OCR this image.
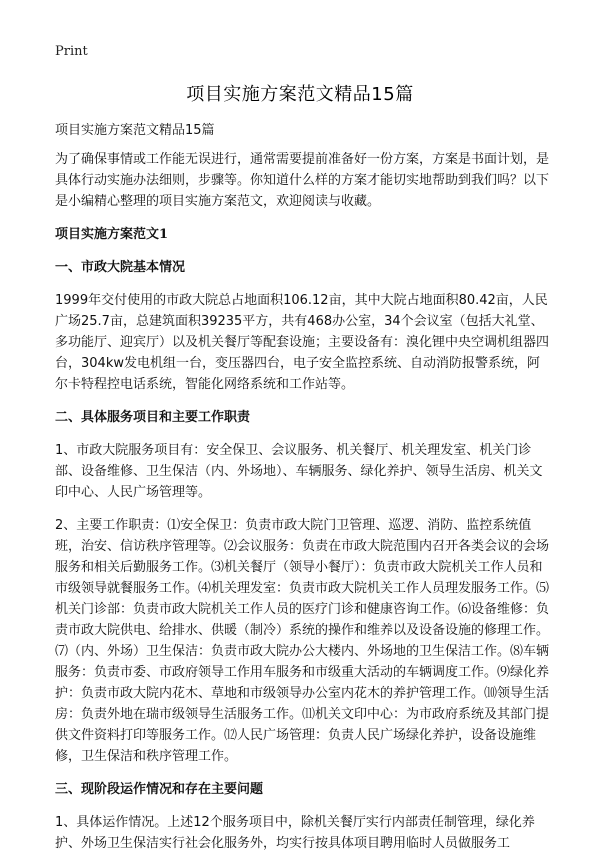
Print
项目实施方案范文精品15篇

项目实施方案范文精品15篇

为了确保事情或工作能无误进行，通常需要提前准备好一份方案，方案是书面计划，是具体行动实施办法细则，步骤等。你知道什么样的方案才能切实地帮助到我们吗？以下是小编精心整理的项目实施方案范文，欢迎阅读与收藏。

项目实施方案范文1

一、市政大院基本情况

1999年交付使用的市政大院总占地面积106.12亩，其中大院占地面积80.42亩，人民广场25.7亩，总建筑面积39235平方，共有468办公室，34个会议室（包括大礼堂、多功能厅、迎宾厅）以及机关餐厅等配套设施；主要设备有：溴化锂中央空调机组器四台，304kw发电机组一台，变压器四台，电子安全监控系统、自动消防报警系统，阿尔卡特程控电话系统，智能化网络系统和工作站等。

二、具体服务项目和主要工作职责

1、市政大院服务项目有：安全保卫、会议服务、机关餐厅、机关理发室、机关门诊部、设备维修、卫生保洁（内、外场地）、车辆服务、绿化养护、领导生活房、机关文印中心、人民广场管理等。

2、主要工作职责：⑴安全保卫：负责市政大院门卫管理、巡逻、消防、监控系统值班，治安、信访秩序管理等。⑵会议服务：负责在市政大院范围内召开各类会议的会场服务和相关后勤服务工作。⑶机关餐厅（领导小餐厅）：负责市政大院机关工作人员和市级领导就餐服务工作。⑷机关理发室：负责市政大院机关工作人员理发服务工作。⑸机关门诊部：负责市政大院机关工作人员的医疗门诊和健康咨询工作。⑹设备维修：负责市政大院供电、给排水、供暖（制冷）系统的操作和维养以及设备设施的修理工作。⑺（内、外场）卫生保洁：负责市政大院办公大楼内、外场地的卫生保洁工作。⑻车辆服务：负责市委、市政府领导工作用车服务和市级重大活动的车辆调度工作。⑼绿化养护：负责市政大院内花木、草地和市级领导办公室内花木的养护管理工作。⑽领导生活房：负责外地在瑞市级领导生活服务工作。⑾机关文印中心：为市政府系统及其部门提供文件资料打印等服务工作。⑿人民广场管理：负责人民广场绿化养护，设备设施维修，卫生保洁和秩序管理工作。

三、现阶段运作情况和存在主要问题

1、具体运作情况。上述12个服务项目中，除机关餐厅实行内部责任制管理，绿化养护、外场卫生保洁实行社会化服务外，均实行按具体项目聘用临时人员做服务工
